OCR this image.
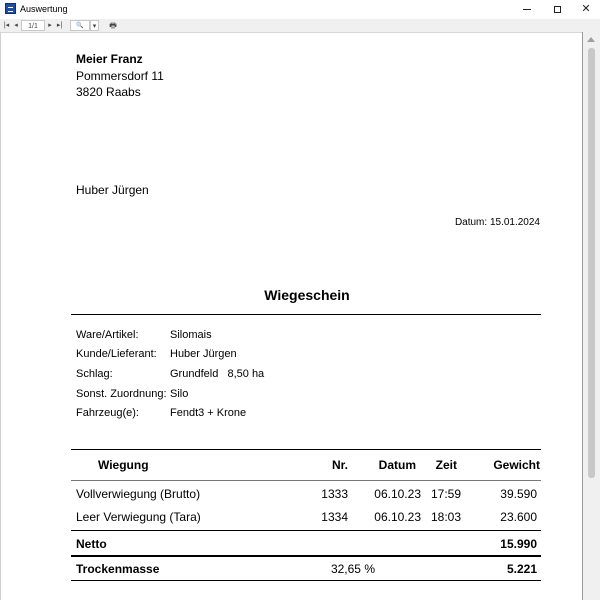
Auswertung	✕
|◂ ◂	1/1	▸ ▸|	🔍	▾	🖶
Meier Franz
Pommersdorf 11
3820 Raabs
Huber Jürgen
Datum: 15.01.2024
Wiegeschein
Ware/Artikel:	Silomais
Kunde/Lieferant: Huber Jürgen
Schlag:	Grundfeld   8,50 ha
Sonst. Zuordnung: Silo
Fahrzeug(e):	Fendt3 + Krone
Wiegung	Nr.	Datum	Zeit	Gewicht
Vollverwiegung (Brutto)	1333	06.10.23 17:59	39.590
Leer Verwiegung (Tara)	1334	06.10.23 18:03	23.600
Netto	15.990
Trockenmasse	32,65 %	5.221
